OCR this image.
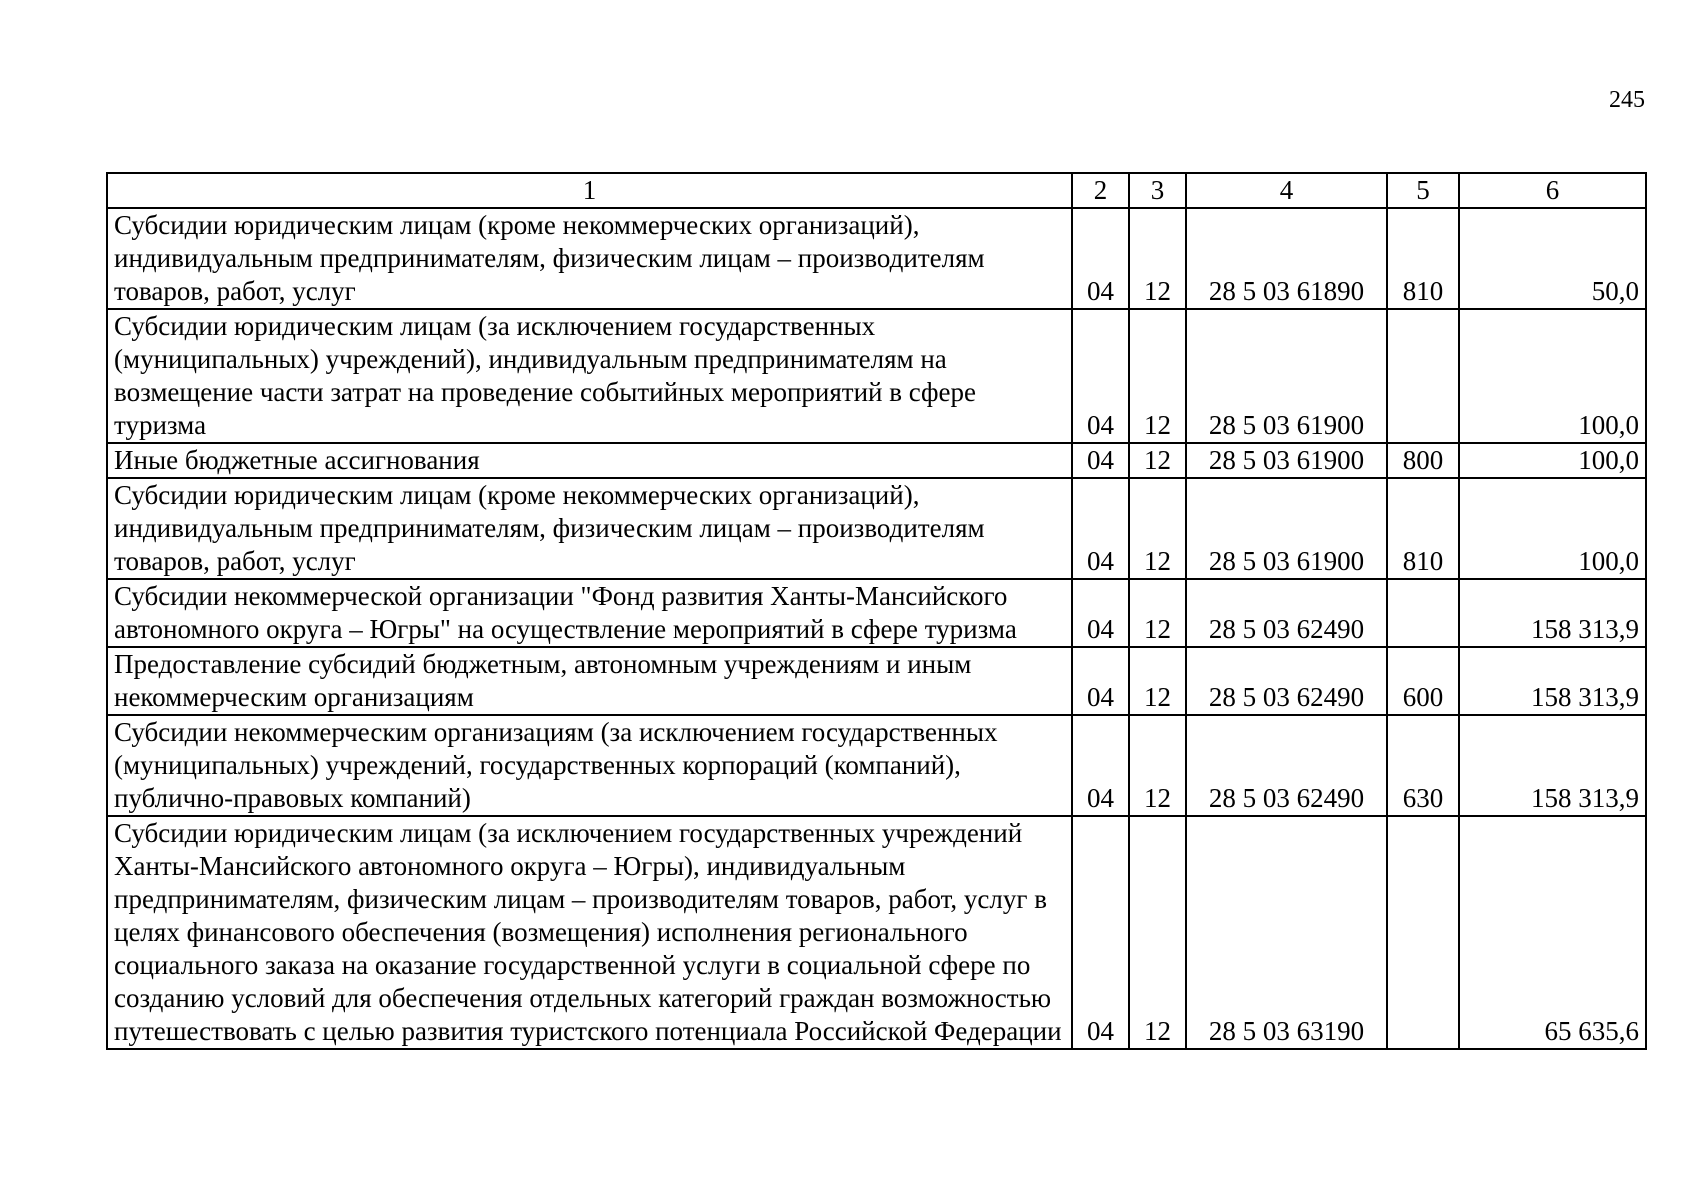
245
1	2	3	4	5	6
Субсидии юридическим лицам (кроме некоммерческих организаций), индивидуальным предпринимателям, физическим лицам – производителям товаров, работ, услуг	04	12	28 5 03 61890	810	50,0
Субсидии юридическим лицам (за исключением государственных (муниципальных) учреждений), индивидуальным предпринимателям на возмещение части затрат на проведение событийных мероприятий в сфере туризма	04	12	28 5 03 61900		100,0
Иные бюджетные ассигнования	04	12	28 5 03 61900	800	100,0
Субсидии юридическим лицам (кроме некоммерческих организаций), индивидуальным предпринимателям, физическим лицам – производителям товаров, работ, услуг	04	12	28 5 03 61900	810	100,0
Субсидии некоммерческой организации "Фонд развития Ханты-Мансийского автономного округа – Югры" на осуществление мероприятий в сфере туризма	04	12	28 5 03 62490		158 313,9
Предоставление субсидий бюджетным, автономным учреждениям и иным некоммерческим организациям	04	12	28 5 03 62490	600	158 313,9
Субсидии некоммерческим организациям (за исключением государственных (муниципальных) учреждений, государственных корпораций (компаний), публично-правовых компаний)	04	12	28 5 03 62490	630	158 313,9
Субсидии юридическим лицам (за исключением государственных учреждений Ханты-Мансийского автономного округа – Югры), индивидуальным предпринимателям, физическим лицам – производителям товаров, работ, услуг в целях финансового обеспечения (возмещения) исполнения регионального социального заказа на оказание государственной услуги в социальной сфере по созданию условий для обеспечения отдельных категорий граждан возможностью путешествовать с целью развития туристского потенциала Российской Федерации	04	12	28 5 03 63190		65 635,6
